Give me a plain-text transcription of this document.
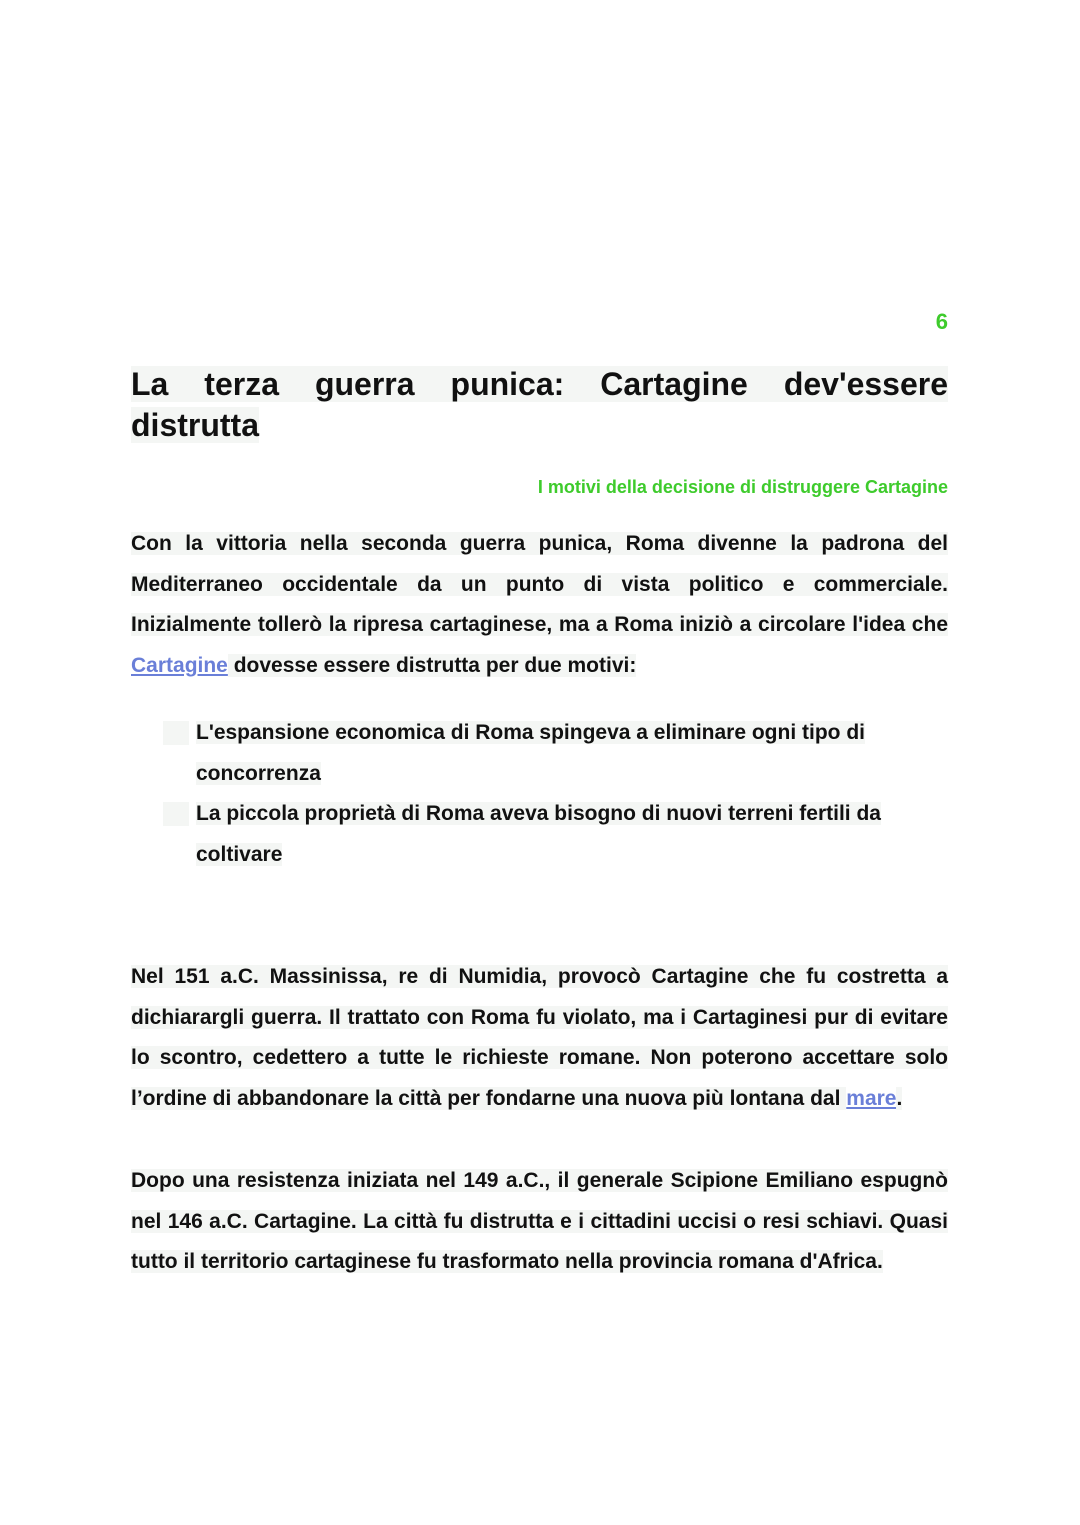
6
La terza guerra punica: Cartagine dev'essere distrutta
I motivi della decisione di distruggere Cartagine

Con la vittoria nella seconda guerra punica, Roma divenne la padrona del Mediterraneo occidentale da un punto di vista politico e commerciale. Inizialmente tollerò la ripresa cartaginese, ma a Roma iniziò a circolare l'idea che Cartagine dovesse essere distrutta per due motivi:

L'espansione economica di Roma spingeva a eliminare ogni tipo di concorrenza
La piccola proprietà di Roma aveva bisogno di nuovi terreni fertili da coltivare

Nel 151 a.C. Massinissa, re di Numidia, provocò Cartagine che fu costretta a dichiarargli guerra. Il trattato con Roma fu violato, ma i Cartaginesi pur di evitare lo scontro, cedettero a tutte le richieste romane. Non poterono accettare solo l’ordine di abbandonare la città per fondarne una nuova più lontana dal mare.

Dopo una resistenza iniziata nel 149 a.C., il generale Scipione Emiliano espugnò nel 146 a.C. Cartagine. La città fu distrutta e i cittadini uccisi o resi schiavi. Quasi tutto il territorio cartaginese fu trasformato nella provincia romana d'Africa.
